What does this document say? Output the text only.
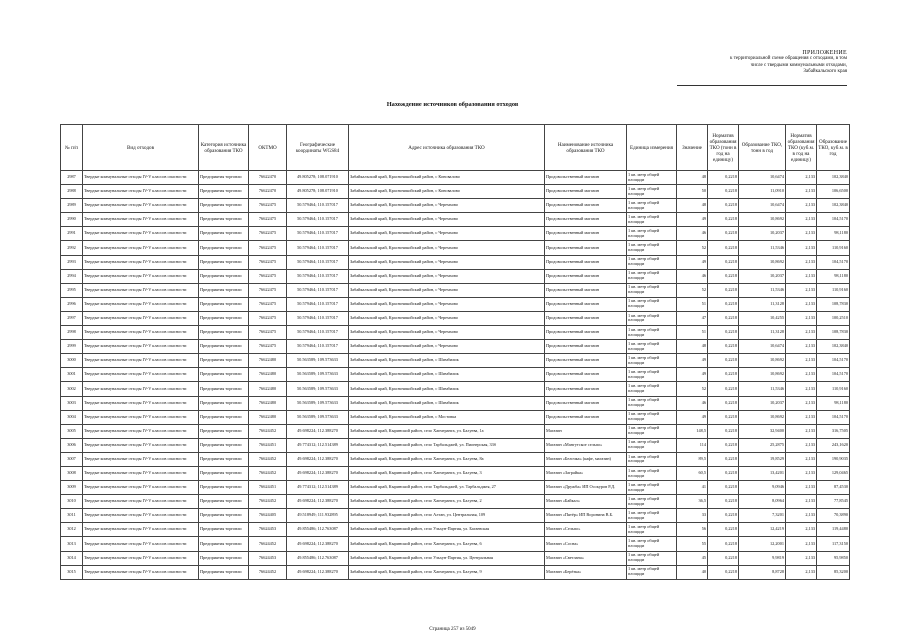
ПРИЛОЖЕНИЕ
к территориальной схеме обращения с отходами, в том
числе с твердыми коммунальными отходами,
Забайкальского края
Нахождение источников образования отходов
№ п/п	Вид отходов	Категория источника образования ТКО	ОКТМО	Географические координаты WGS84	Адрес источника образования ТКО	Наименование источника образования ТКО	Единица измерения	Значение	Норматив образования ТКО (тонн в год на единицу)	Образование ТКО, тонн в год	Норматив образования ТКО (куб.м. в год на единицу)	Образование ТКО, куб.м. в год
2987	Твердые коммунальные отходы IV-V классов опасности	Предприятия торговли	76622470	49.805278; 108.071910	Забайкальский край, Красночикойский район, с Коновалово	Продовольственный магазин	1 кв. метр общей площади	48	0,2218	10,6474	2,133	102,3840
2988	Твердые коммунальные отходы IV-V классов опасности	Предприятия торговли	76622470	49.805278; 108.071910	Забайкальский край, Красночикойский район, с Коновалово	Продовольственный магазин	1 кв. метр общей площади	50	0,2218	11,0910	2,133	106,6500
2989	Твердые коммунальные отходы IV-V классов опасности	Предприятия торговли	76622475	50.579464; 110.157017	Забайкальский край, Красночикойский район, с Черемхово	Продовольственный магазин	1 кв. метр общей площади	48	0,2218	10,6474	2,133	102,3840
2990	Твердые коммунальные отходы IV-V классов опасности	Предприятия торговли	76622475	50.579464; 110.157017	Забайкальский край, Красночикойский район, с Черемхово	Продовольственный магазин	1 кв. метр общей площади	49	0,2218	10,8692	2,133	104,5170
2991	Твердые коммунальные отходы IV-V классов опасности	Предприятия торговли	76622475	50.579464; 110.157017	Забайкальский край, Красночикойский район, с Черемхово	Продовольственный магазин	1 кв. метр общей площади	46	0,2218	10,2037	2,133	98,1180
2992	Твердые коммунальные отходы IV-V классов опасности	Предприятия торговли	76622475	50.579464; 110.157017	Забайкальский край, Красночикойский район, с Черемхово	Продовольственный магазин	1 кв. метр общей площади	52	0,2218	11,5346	2,133	110,9160
2993	Твердые коммунальные отходы IV-V классов опасности	Предприятия торговли	76622475	50.579464; 110.157017	Забайкальский край, Красночикойский район, с Черемхово	Продовольственный магазин	1 кв. метр общей площади	49	0,2218	10,8692	2,133	104,5170
2994	Твердые коммунальные отходы IV-V классов опасности	Предприятия торговли	76622475	50.579464; 110.157017	Забайкальский край, Красночикойский район, с Черемхово	Продовольственный магазин	1 кв. метр общей площади	46	0,2218	10,2037	2,133	98,1180
2995	Твердые коммунальные отходы IV-V классов опасности	Предприятия торговли	76622475	50.579464; 110.157017	Забайкальский край, Красночикойский район, с Черемхово	Продовольственный магазин	1 кв. метр общей площади	52	0,2218	11,5346	2,133	110,9160
2996	Твердые коммунальные отходы IV-V классов опасности	Предприятия торговли	76622475	50.579464; 110.157017	Забайкальский край, Красночикойский район, с Черемхово	Продовольственный магазин	1 кв. метр общей площади	51	0,2218	11,3128	2,133	108,7830
2997	Твердые коммунальные отходы IV-V классов опасности	Предприятия торговли	76622475	50.579464; 110.157017	Забайкальский край, Красночикойский район, с Черемхово	Продовольственный магазин	1 кв. метр общей площади	47	0,2218	10,4255	2,133	100,2510
2998	Твердые коммунальные отходы IV-V классов опасности	Предприятия торговли	76622475	50.579464; 110.157017	Забайкальский край, Красночикойский район, с Черемхово	Продовольственный магазин	1 кв. метр общей площади	51	0,2218	11,3128	2,133	108,7830
2999	Твердые коммунальные отходы IV-V классов опасности	Предприятия торговли	76622475	50.579464; 110.157017	Забайкальский край, Красночикойский район, с Черемхово	Продовольственный магазин	1 кв. метр общей площади	48	0,2218	10,6474	2,133	102,3840
3000	Твердые коммунальные отходы IV-V классов опасности	Предприятия торговли	76622480	50.563589; 109.573633	Забайкальский край, Красночикойский район, с Шимбилик	Продовольственный магазин	1 кв. метр общей площади	49	0,2218	10,8692	2,133	104,5170
3001	Твердые коммунальные отходы IV-V классов опасности	Предприятия торговли	76622480	50.563589; 109.573633	Забайкальский край, Красночикойский район, с Шимбилик	Продовольственный магазин	1 кв. метр общей площади	49	0,2218	10,8692	2,133	104,5170
3002	Твердые коммунальные отходы IV-V классов опасности	Предприятия торговли	76622480	50.563589; 109.573633	Забайкальский край, Красночикойский район, с Шимбилик	Продовольственный магазин	1 кв. метр общей площади	52	0,2218	11,5346	2,133	110,9160
3003	Твердые коммунальные отходы IV-V классов опасности	Предприятия торговли	76622480	50.563589; 109.573633	Забайкальский край, Красночикойский район, с Шимбилик	Продовольственный магазин	1 кв. метр общей площади	46	0,2218	10,2037	2,133	98,1180
3004	Твердые коммунальные отходы IV-V классов опасности	Предприятия торговли	76622480	50.563589; 109.573633	Забайкальский край, Красночикойский район, с Мостовка	Продовольственный магазин	1 кв. метр общей площади	49	0,2218	10,8692	2,133	104,5170
3005	Твердые коммунальные отходы IV-V классов опасности	Предприятия торговли	76624452	49.698224; 112.388270	Забайкальский край, Кыринский район, село Хапчеранга, ул. Балуева, 1а	Магазин	1 кв. метр общей площади	148,5	0,2218	32,9400	2,133	316,7505
3006	Твердые коммунальные отходы IV-V классов опасности	Предприятия торговли	76624451	49.774312; 112.514389	Забайкальский край, Кыринский район, село Тарбальджей, ул. Пионерская, 33б	Магазин «Мангутское сельпо»	1 кв. метр общей площади	114	0,2218	25,2875	2,133	243,1620
3007	Твердые коммунальные отходы IV-V классов опасности	Предприятия торговли	76624452	49.698224; 112.388270	Забайкальский край, Кыринский район, село Хапчеранга, ул. Балуева, 8а	Магазин «Белочка» (кафе, магазин)	1 кв. метр общей площади	89,5	0,2218	19,8529	2,133	190,9035
3008	Твердые коммунальные отходы IV-V классов опасности	Предприятия торговли	76624452	49.698224; 112.388270	Забайкальский край, Кыринский район, село Хапчеранга, ул. Балуева, 3	Магазин «Заграйка»	1 кв. метр общей площади	60,5	0,2218	13,4201	2,133	129,0465
3009	Твердые коммунальные отходы IV-V классов опасности	Предприятия торговли	76624451	49.774312; 112.514389	Забайкальский край, Кыринский район, село Тарбальджей, ул. Тарбальджея, 27	Магазин «Дружба» ИП Осокуров Р.Д.	1 кв. метр общей площади	41	0,2218	9,0946	2,133	87,4530
3010	Твердые коммунальные отходы IV-V классов опасности	Предприятия торговли	76624452	49.698224; 112.388270	Забайкальский край, Кыринский район, село Хапчеранга, ул. Балуева, 2	Магазин «Байкал»	1 кв. метр общей площади	36,5	0,2218	8,0964	2,133	77,8545
3011	Твердые коммунальные отходы IV-V классов опасности	Предприятия торговли	76624405	49.518949; 111.932895	Забайкальский край, Кыринский район, село Алтан, ул. Центральная, 109	Магазин «Пятёр» ИП Воронина В.Б.	1 кв. метр общей площади	33	0,2218	7,3201	2,133	70,3890
3012	Твердые коммунальные отходы IV-V классов опасности	Предприятия торговли	76624453	49.855486; 112.763087	Забайкальский край, Кыринский район, село Ульхун-Партия, ул. Багаевская	Магазин «Сельпо»	1 кв. метр общей площади	56	0,2218	12,4219	2,133	119,4480
3013	Твердые коммунальные отходы IV-V классов опасности	Предприятия торговли	76624452	49.698224; 112.388270	Забайкальский край, Кыринский район, село Хапчеранга, ул. Балуева, 6	Магазин «Сосна»	1 кв. метр общей площади	55	0,2218	12,2001	2,133	117,3150
3014	Твердые коммунальные отходы IV-V классов опасности	Предприятия торговли	76624453	49.855486; 112.763087	Забайкальский край, Кыринский район, село Ульхун-Партия, ул. Центральная	Магазин «Светлана»	1 кв. метр общей площади	45	0,2218	9,9819	2,133	95,9850
3015	Твердые коммунальные отходы IV-V классов опасности	Предприятия торговли	76624452	49.698224; 112.388270	Забайкальский край, Кыринский район, село Хапчеранга, ул. Балуева, 9	Магазин «Берёзка»	1 кв. метр общей площади	40	0,2218	8,8728	2,133	85,3200
Страница 257 из 5049
